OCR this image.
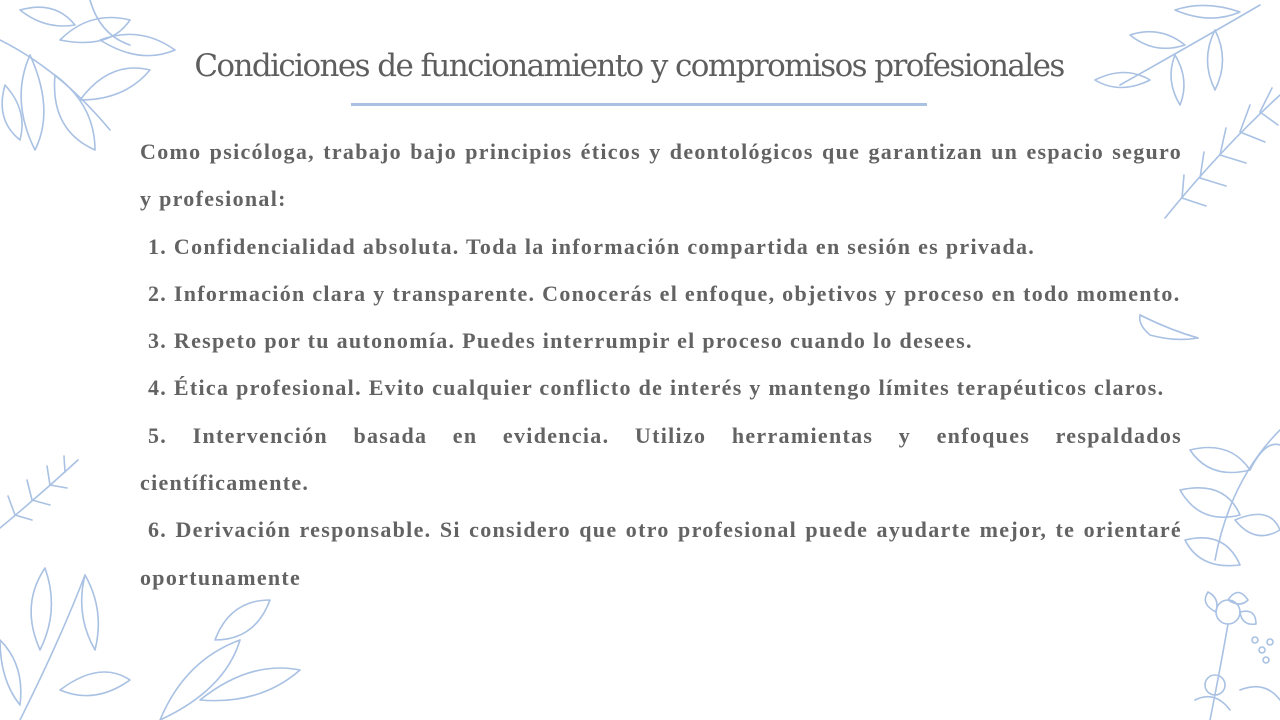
Condiciones de funcionamiento y compromisos profesionales

Como psicóloga, trabajo bajo principios éticos y deontológicos que garantizan un espacio seguro y profesional:

1. Confidencialidad absoluta. Toda la información compartida en sesión es privada.

2. Información clara y transparente. Conocerás el enfoque, objetivos y proceso en todo momento.

3. Respeto por tu autonomía. Puedes interrumpir el proceso cuando lo desees.

4. Ética profesional. Evito cualquier conflicto de interés y mantengo límites terapéuticos claros.

5. Intervención basada en evidencia. Utilizo herramientas y enfoques respaldados científicamente.

6. Derivación responsable. Si considero que otro profesional puede ayudarte mejor, te orientaré oportunamente
